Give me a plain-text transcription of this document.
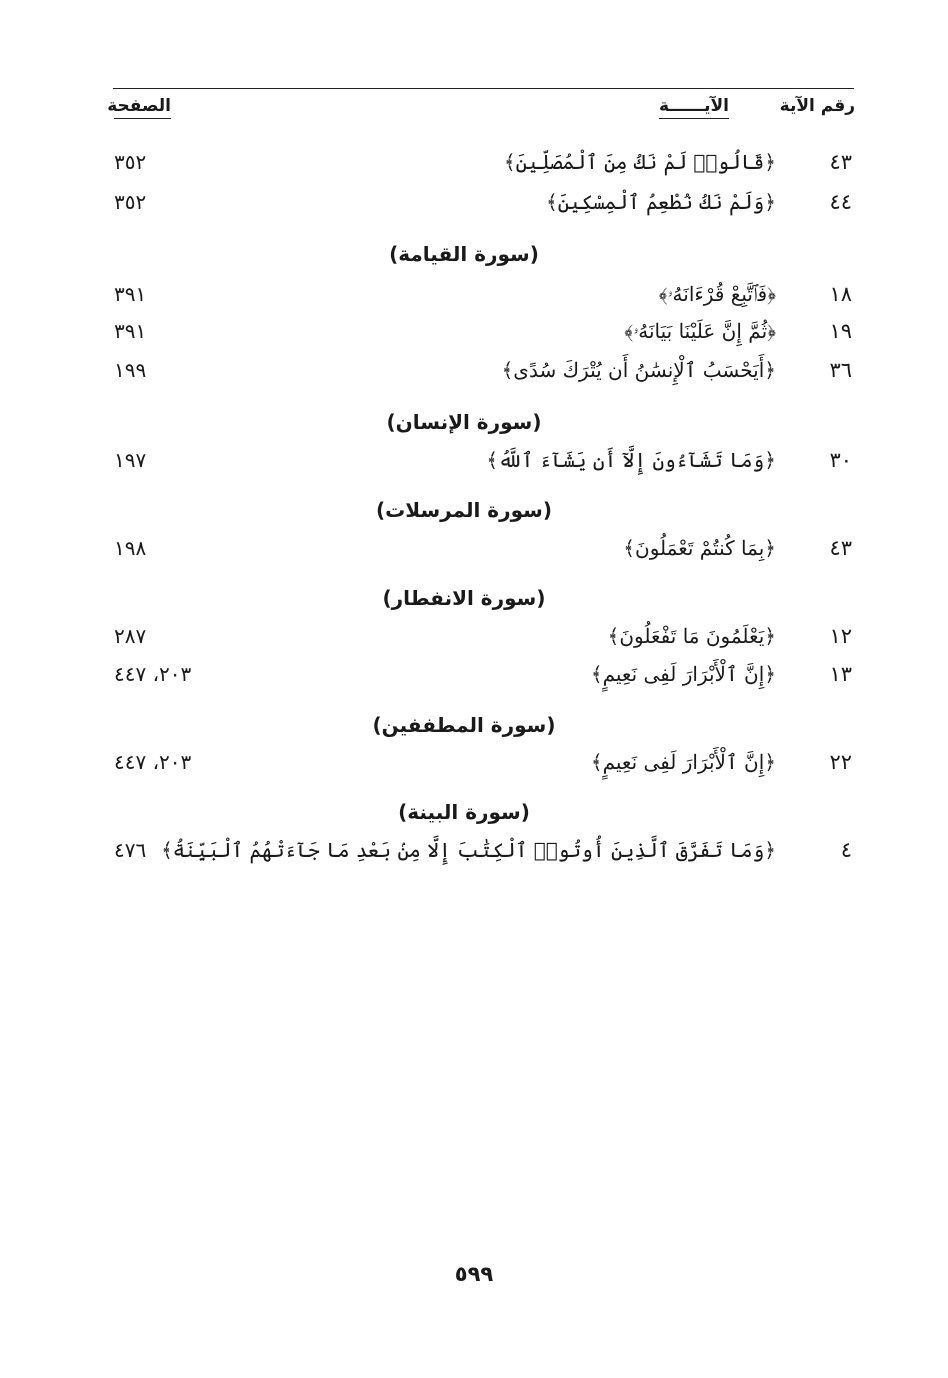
رقم الآية
الآيــــــة
الصفحة
٤٣
﴿قَالُوا۟ لَمْ نَكُ مِنَ ٱلْمُصَلِّينَ﴾
٣٥٢
٤٤
﴿وَلَمْ نَكُ نُطْعِمُ ٱلْمِسْكِينَ﴾
٣٥٢
(سورة القيامة)
١٨
﴿فَٱتَّبِعْ قُرْءَانَهُۥ﴾
٣٩١
١٩
﴿ثُمَّ إِنَّ عَلَيْنَا بَيَانَهُۥ﴾
٣٩١
٣٦
﴿أَيَحْسَبُ ٱلْإِنسَٰنُ أَن يُتْرَكَ سُدًى﴾
١٩٩
(سورة الإنسان)
٣٠
﴿وَمَا تَشَآءُونَ إِلَّآ أَن يَشَآءَ ٱللَّهُ﴾
١٩٧
(سورة المرسلات)
٤٣
﴿بِمَا كُنتُمْ تَعْمَلُونَ﴾
١٩٨
(سورة الانفطار)
١٢
﴿يَعْلَمُونَ مَا تَفْعَلُونَ﴾
٢٨٧
١٣
﴿إِنَّ ٱلْأَبْرَارَ لَفِى نَعِيمٍ﴾
٢٠٣، ٤٤٧
(سورة المطففين)
٢٢
﴿إِنَّ ٱلْأَبْرَارَ لَفِى نَعِيمٍ﴾
٢٠٣، ٤٤٧
(سورة البينة)
٤
﴿وَمَا تَفَرَّقَ ٱلَّذِينَ أُوتُوا۟ ٱلْكِتَٰبَ إِلَّا مِنۢ بَعْدِ مَا جَآءَتْهُمُ ٱلْبَيِّنَةُ﴾
٤٧٦
٥٩٩
